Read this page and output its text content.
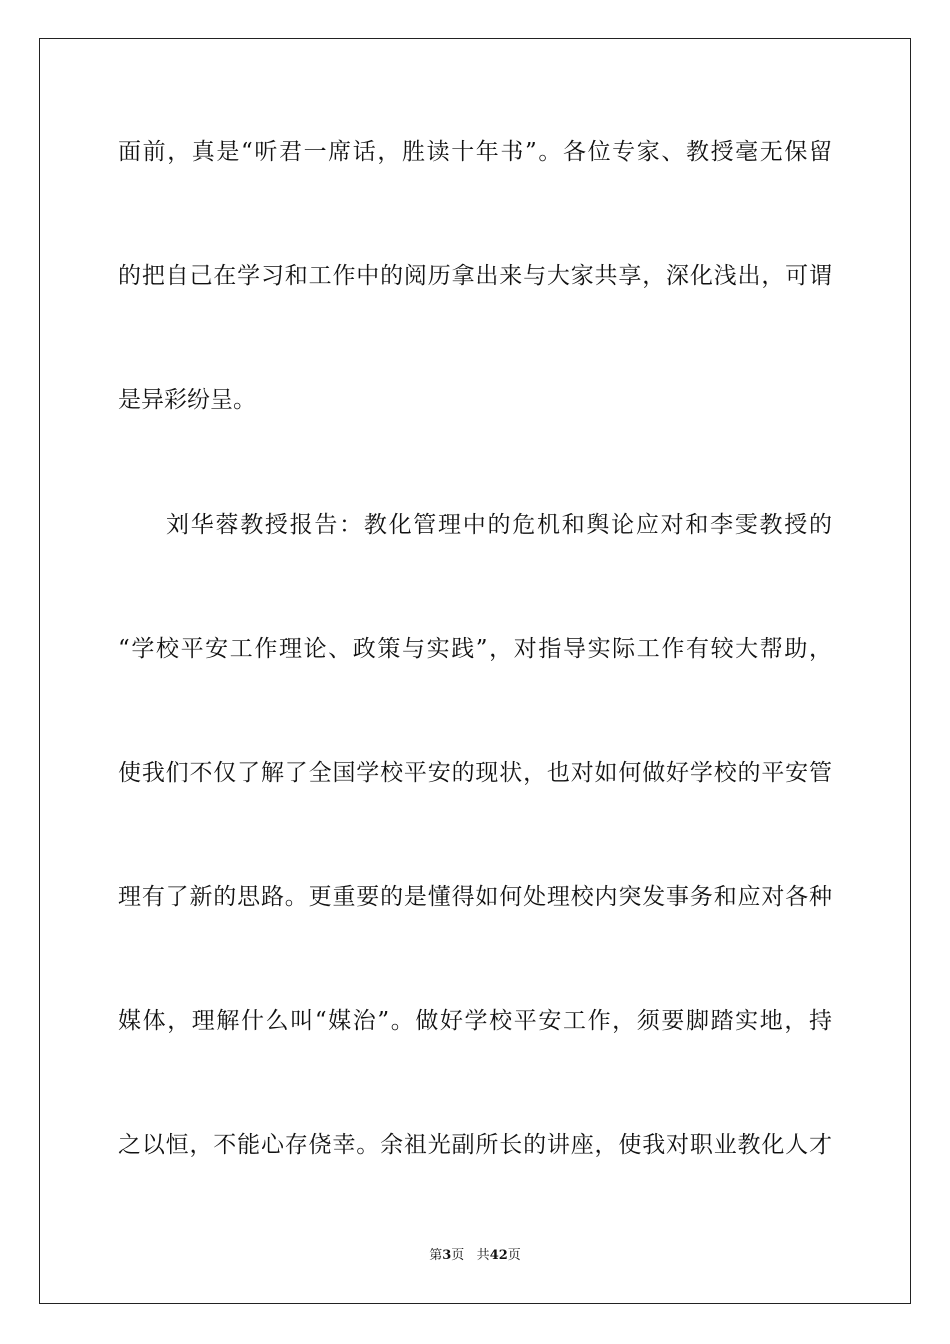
面前，真是“听君一席话，胜读十年书”。各位专家、教授毫无保留
的把自己在学习和工作中的阅历拿出来与大家共享，深化浅出，可谓
是异彩纷呈。
刘华蓉教授报告：教化管理中的危机和舆论应对和李雯教授的
“学校平安工作理论、政策与实践”，对指导实际工作有较大帮助，
使我们不仅了解了全国学校平安的现状，也对如何做好学校的平安管
理有了新的思路。更重要的是懂得如何处理校内突发事务和应对各种
媒体，理解什么叫“媒治”。做好学校平安工作，须要脚踏实地，持
之以恒，不能心存侥幸。余祖光副所长的讲座，使我对职业教化人才
第3页 共42页
